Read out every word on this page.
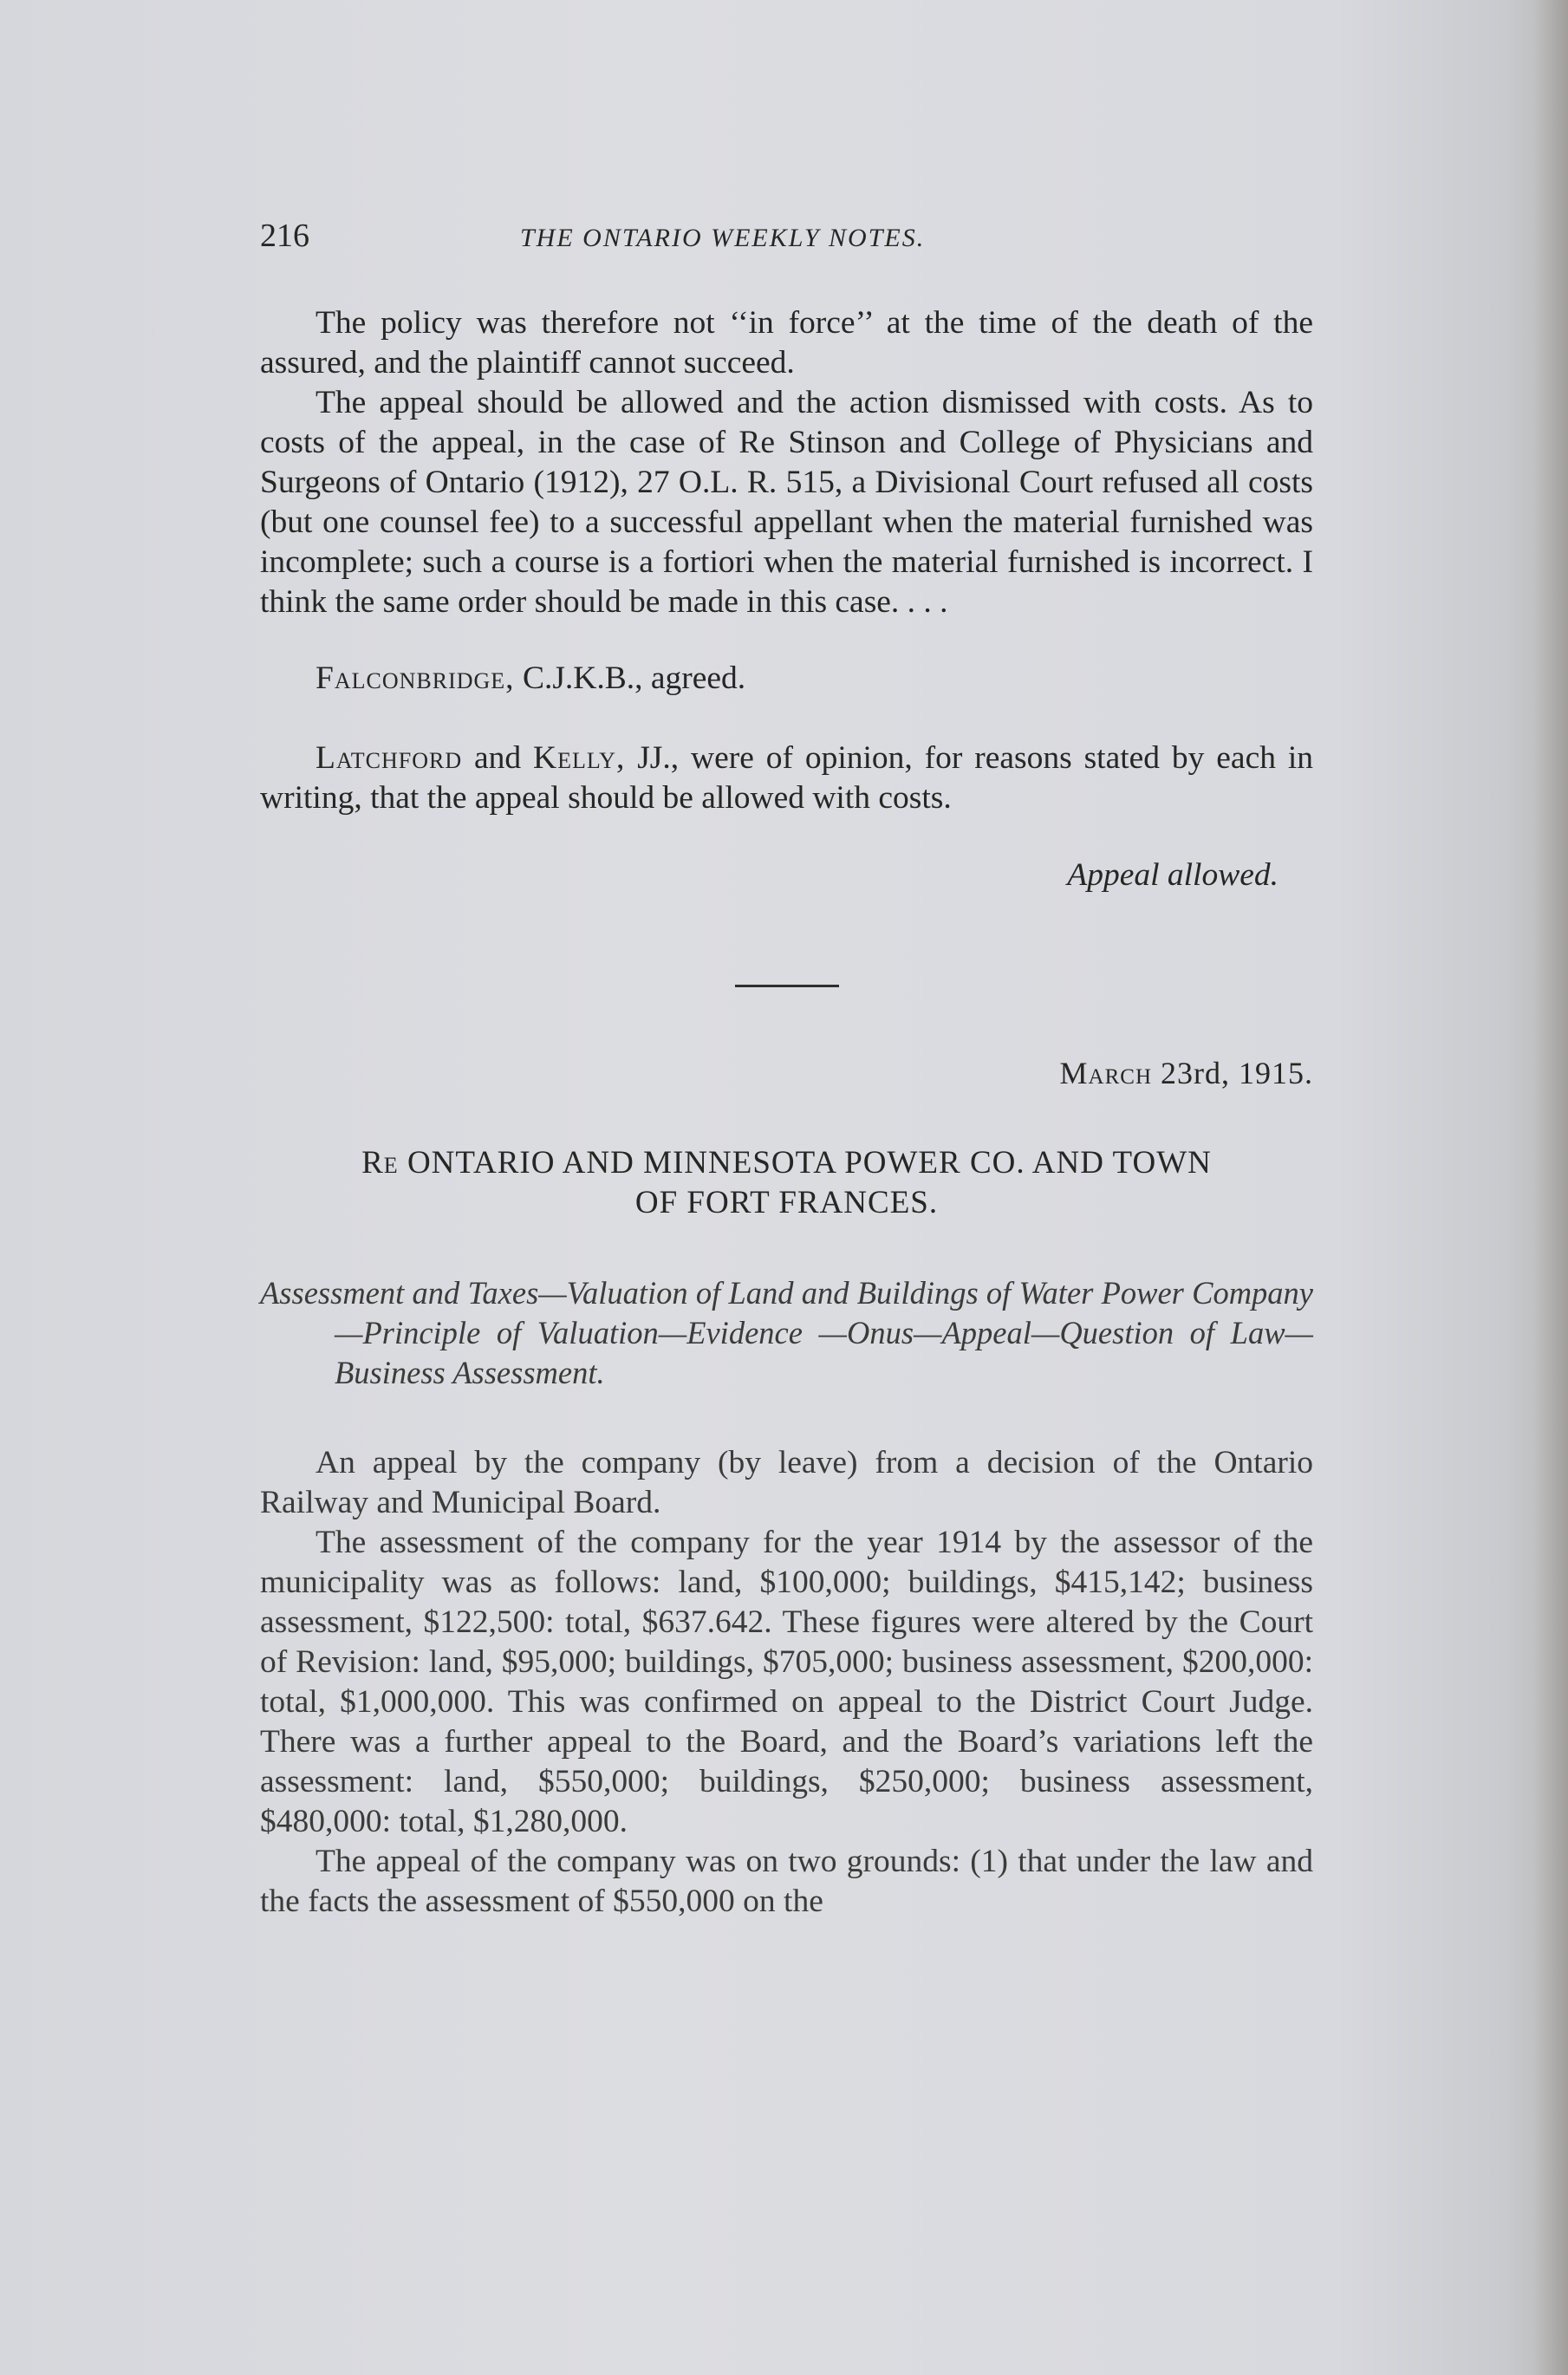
216	THE ONTARIO WEEKLY NOTES.

The policy was therefore not ‘‘in force’’ at the time of the death of the assured, and the plaintiff cannot succeed.

The appeal should be allowed and the action dismissed with costs. As to costs of the appeal, in the case of Re Stinson and College of Physicians and Surgeons of Ontario (1912), 27 O.L. R. 515, a Divisional Court refused all costs (but one counsel fee) to a successful appellant when the material furnished was incomplete; such a course is a fortiori when the material furnished is incorrect. I think the same order should be made in this case. . . .

Falconbridge, C.J.K.B., agreed.

Latchford and Kelly, JJ., were of opinion, for reasons stated by each in writing, that the appeal should be allowed with costs.

Appeal allowed.
March 23rd, 1915.
Re ONTARIO AND MINNESOTA POWER CO. AND TOWN
OF FORT FRANCES.

Assessment and Taxes—Valuation of Land and Buildings of Water Power Company—Principle of Valuation—Evidence —Onus—Appeal—Question of Law—Business Assessment.

An appeal by the company (by leave) from a decision of the Ontario Railway and Municipal Board.

The assessment of the company for the year 1914 by the assessor of the municipality was as follows: land, $100,000; buildings, $415,142; business assessment, $122,500: total, $637.642. These figures were altered by the Court of Revision: land, $95,000; buildings, $705,000; business assessment, $200,000: total, $1,000,000. This was confirmed on appeal to the District Court Judge. There was a further appeal to the Board, and the Board’s variations left the assessment: land, $550,000; buildings, $250,000; business assessment, $480,000: total, $1,280,000.

The appeal of the company was on two grounds: (1) that under the law and the facts the assessment of $550,000 on the
